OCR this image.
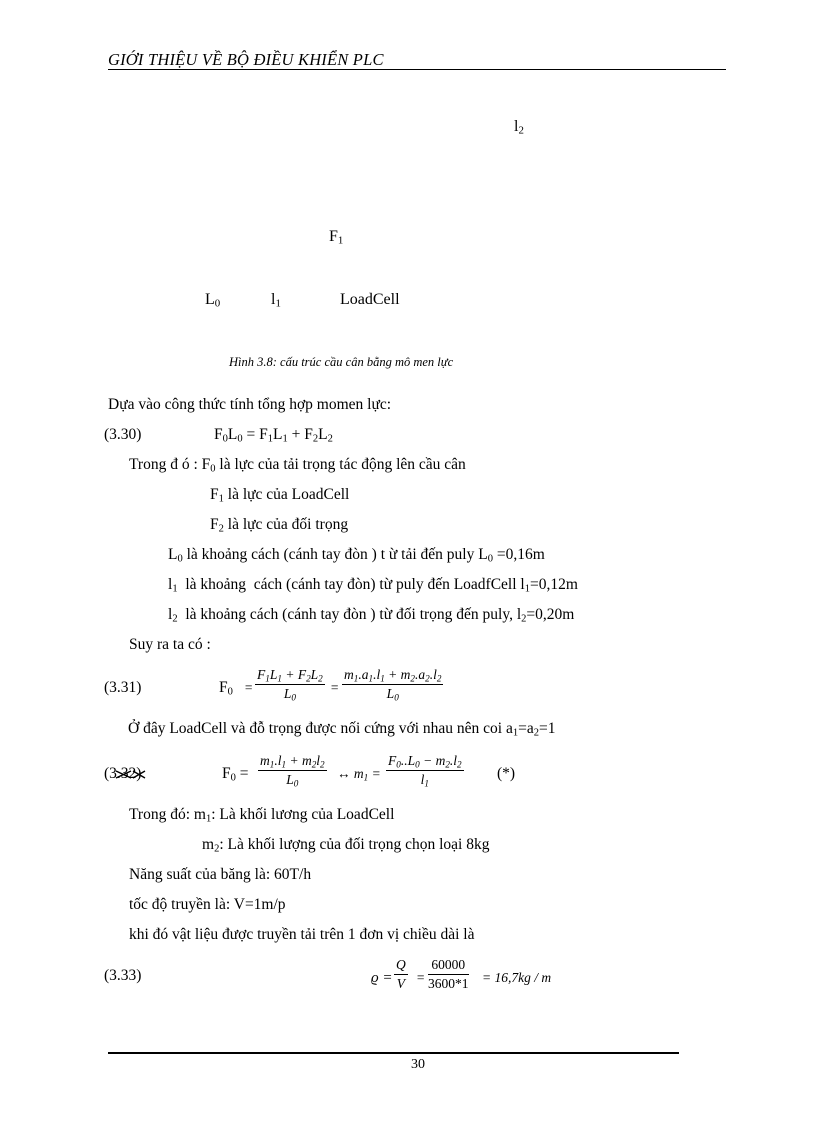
GIỚI THIỆU VỀ BỘ ĐIỀU KHIỂN PLC
$l_2$
$F_1$
$L_0$	$l_1$	LoadCell
Hình 3.8: cấu trúc cầu cân bằng mô men lực
Dựa vào công thức tính tổng hợp momen lực:
(3.30)	$F_0L_0 = F_1L_1 + F_2L_2$
Trong đ ó : $F_0$ là lực của tải trọng tác động lên cầu cân
$F_1$ là lực của LoadCell
$F_2$ là lực của đối trọng
$L_0$ là khoảng cách (cánh tay đòn ) t ừ tải đến puly $L_0 =0,16m$
$l_1$  là khoảng  cách (cánh tay đòn) từ puly đến LoadfCell $l_1=0,12m$
$l_2$  là khoảng cách (cánh tay đòn ) từ đối trọng đến puly, $l_2=0,20m$
Suy ra ta có :
(3.31)	$F_0$ =
$F_1L_1 + F_2L_2$
$L_0$
=
$m_1.a_1.l_1 + m_2.a_2.l_2$
$L_0$
Ở đây LoadCell và đỗ trọng được nối cứng với nhau nên coi $a_1=a_2=1$
(3.32)	$F_0$ =
$m_1.l_1 + m_2l_2$
$L_0$
↔ $m_1$ =
$F_0..L_0 - m_2.l_2$
$l_1$
(*)
Trong đó: $m_1$: Là khối lương của LoadCell
$m_2$: Là khối lượng của đối trọng chọn loại 8kg
Năng suất của băng là: 60T/h
tốc độ truyền là: V=1m/p
khi đó vật liệu được truyền tải trên 1 đơn vị chiều dài là
(3.33)	ϱ =
Q
V =
60000
3600*1 = 16,7kg / m
30
